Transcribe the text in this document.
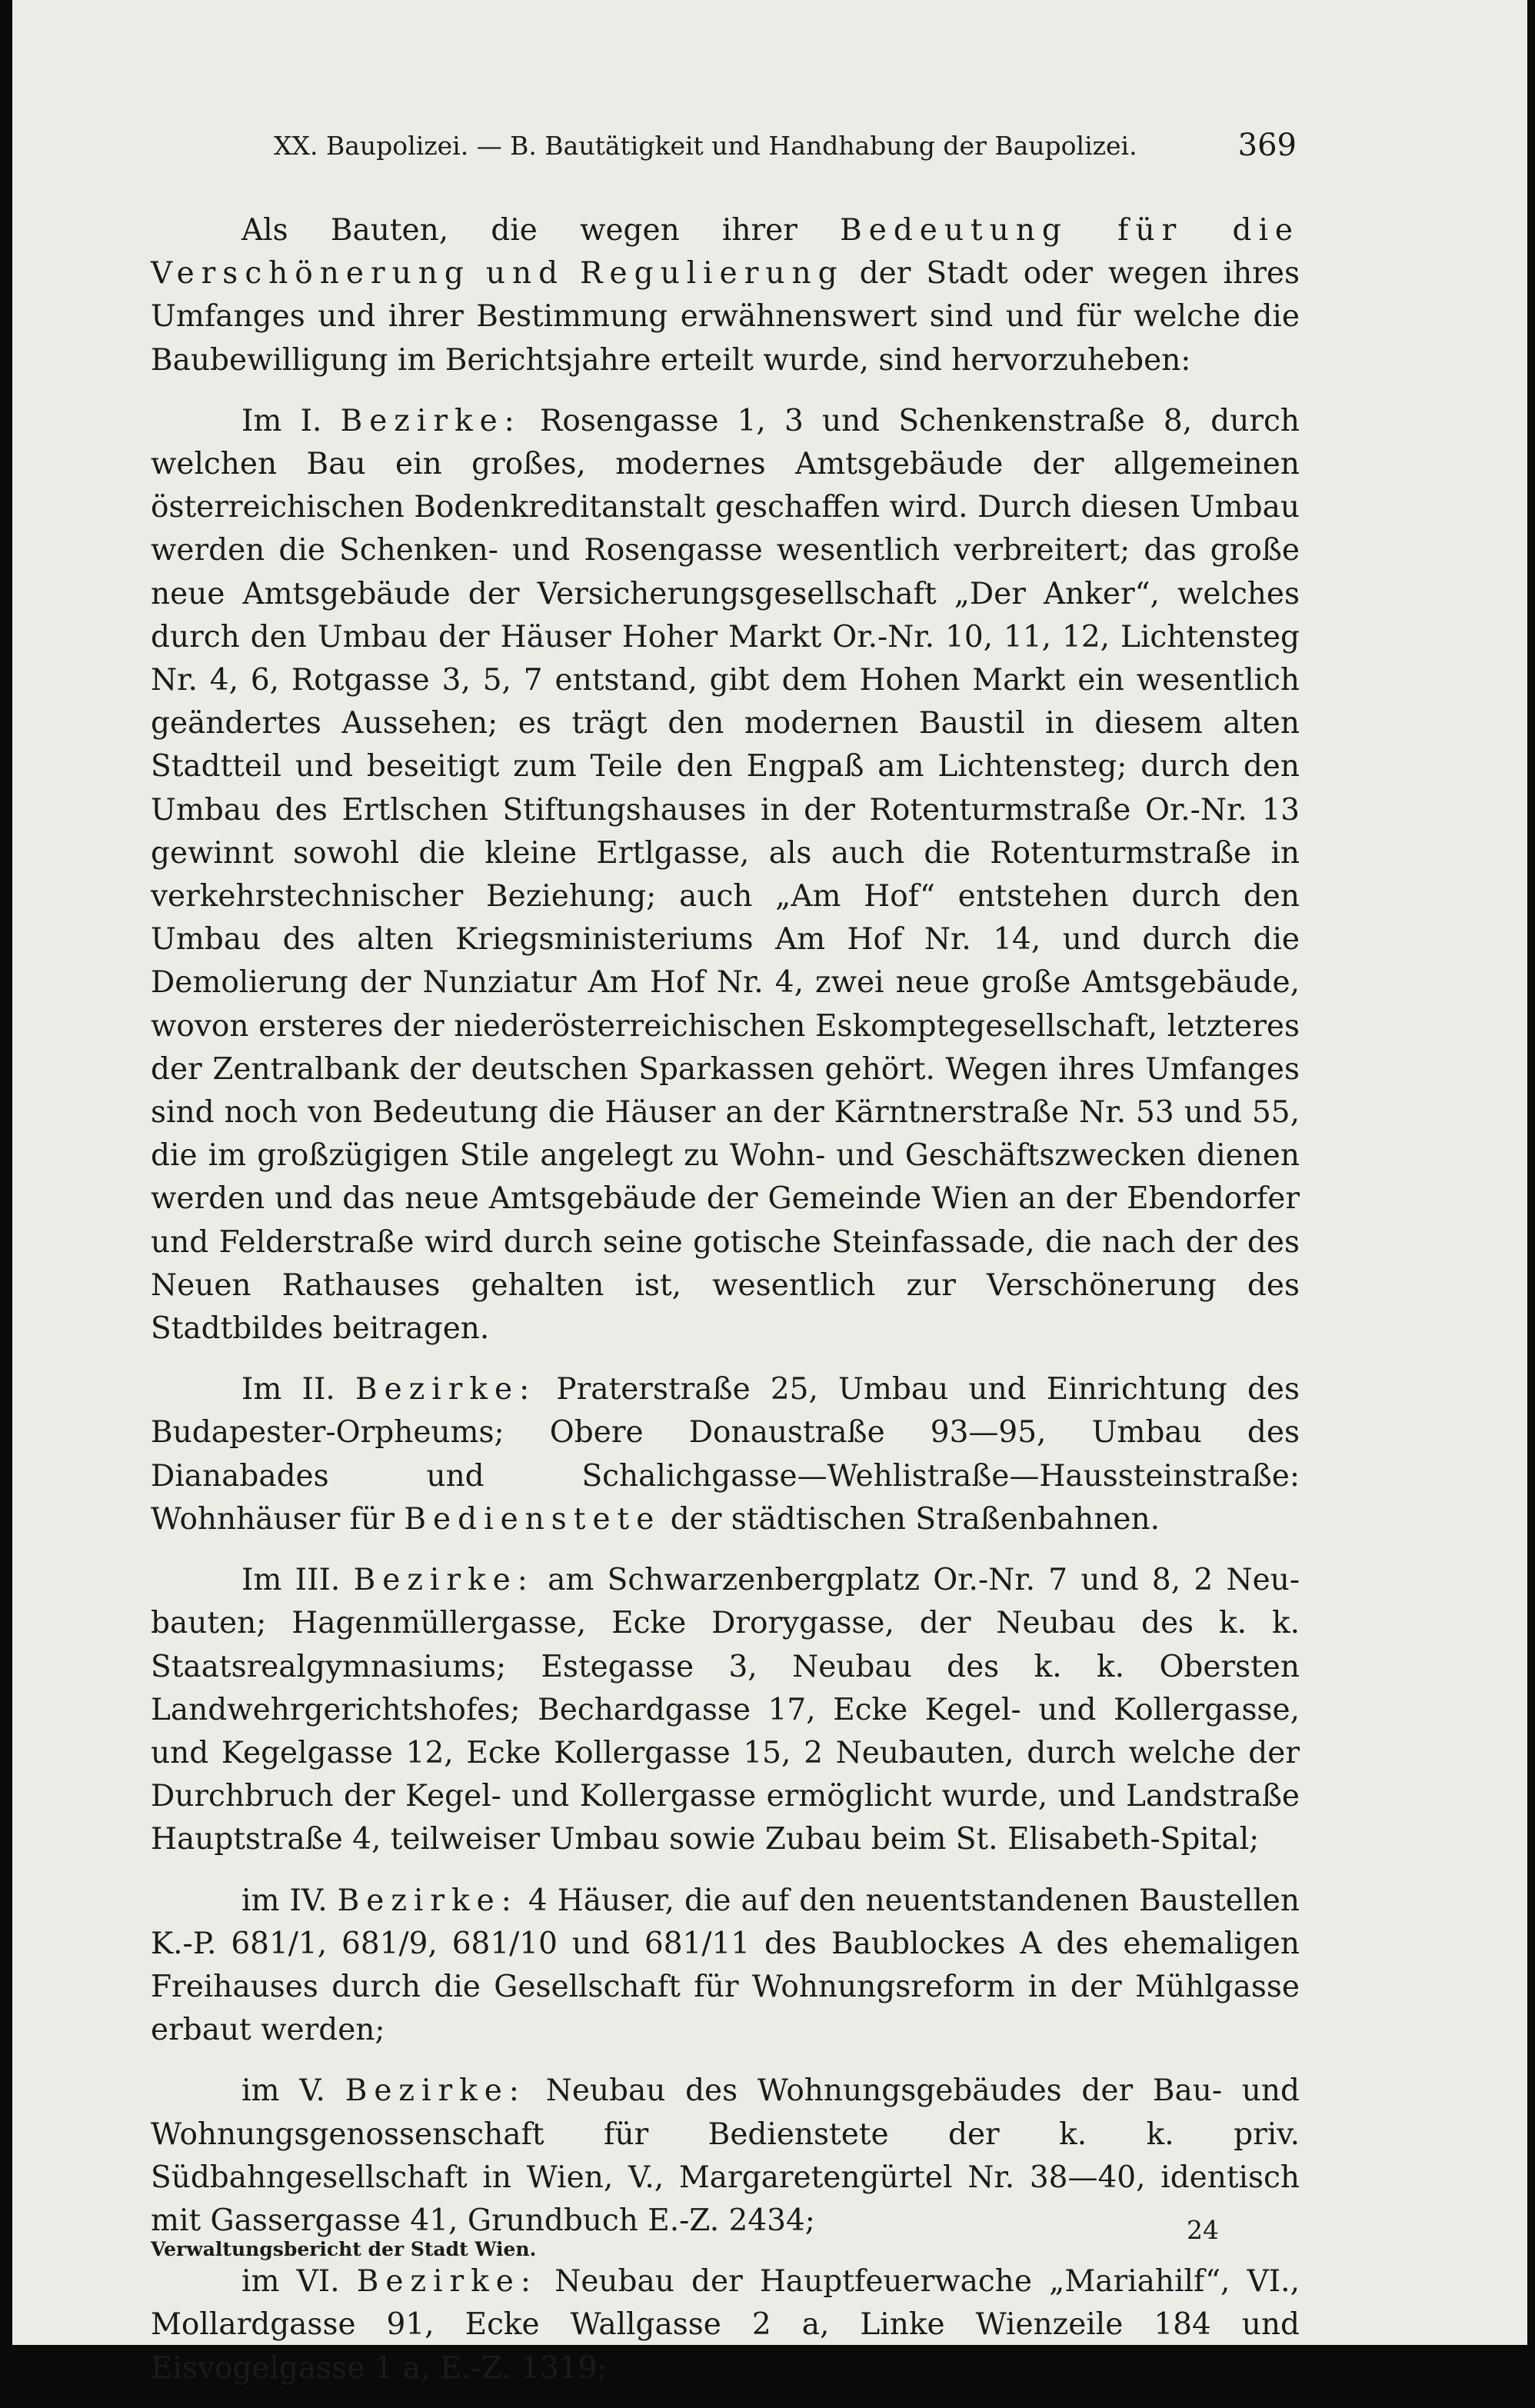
XX. Baupolizei. — B. Bautätigkeit und Handhabung der Baupolizei.	369

Als Bauten, die wegen ihrer Bedeutung für die Verschönerung und Regulierung der Stadt oder wegen ihres Umfanges und ihrer Bestimmung erwähnenswert sind und für welche die Baubewilligung im Berichtsjahre erteilt wurde, sind hervorzuheben:

Im I. Bezirke: Rosengasse 1, 3 und Schenkenstraße 8, durch welchen Bau ein großes, modernes Amtsgebäude der allgemeinen österreichischen Bodenkreditanstalt geschaffen wird. Durch diesen Umbau werden die Schenken- und Rosengasse wesentlich verbreitert; das große neue Amtsgebäude der Versicherungsgesellschaft „Der Anker“, welches durch den Umbau der Häuser Hoher Markt Or.-Nr. 10, 11, 12, Lichtensteg Nr. 4, 6, Rotgasse 3, 5, 7 entstand, gibt dem Hohen Markt ein wesentlich geändertes Aussehen; es trägt den modernen Baustil in diesem alten Stadtteil und beseitigt zum Teile den Engpaß am Lichtensteg; durch den Umbau des Ertlschen Stiftungshauses in der Rotenturmstraße Or.-Nr. 13 gewinnt sowohl die kleine Ertlgasse, als auch die Rotenturmstraße in verkehrstechnischer Beziehung; auch „Am Hof“ entstehen durch den Umbau des alten Kriegsministeriums Am Hof Nr. 14, und durch die Demolierung der Nunziatur Am Hof Nr. 4, zwei neue große Amtsgebäude, wovon ersteres der niederösterreichischen Eskomptegesellschaft, letzteres der Zentralbank der deutschen Sparkassen gehört. Wegen ihres Umfanges sind noch von Bedeutung die Häuser an der Kärntnerstraße Nr. 53 und 55, die im großzügigen Stile angelegt zu Wohn- und Geschäftszwecken dienen werden und das neue Amtsgebäude der Gemeinde Wien an der Ebendorfer und Felderstraße wird durch seine gotische Steinfassade, die nach der des Neuen Rathauses gehalten ist, wesentlich zur Verschönerung des Stadtbildes beitragen.

Im II. Bezirke: Praterstraße 25, Umbau und Einrichtung des Budapester-Orpheums; Obere Donaustraße 93—95, Umbau des Dianabades und Schalichgasse—Wehlistraße—Haussteinstraße: Wohnhäuser für Bedienstete der städtischen Straßenbahnen.

Im III. Bezirke: am Schwarzenbergplatz Or.-Nr. 7 und 8, 2 Neubauten; Hagenmüllergasse, Ecke Drorygasse, der Neubau des k. k. Staatsrealgymnasiums; Estegasse 3, Neubau des k. k. Obersten Landwehrgerichtshofes; Bechardgasse 17, Ecke Kegel- und Kollergasse, und Kegelgasse 12, Ecke Kollergasse 15, 2 Neubauten, durch welche der Durchbruch der Kegel- und Kollergasse ermöglicht wurde, und Landstraße Hauptstraße 4, teilweiser Umbau sowie Zubau beim St. Elisabeth-Spital;

im IV. Bezirke: 4 Häuser, die auf den neuentstandenen Baustellen K.-P. 681/1, 681/9, 681/10 und 681/11 des Baublockes A des ehemaligen Freihauses durch die Gesellschaft für Wohnungsreform in der Mühlgasse erbaut werden;

im V. Bezirke: Neubau des Wohnungsgebäudes der Bau- und Wohnungsgenossenschaft für Bedienstete der k. k. priv. Südbahngesellschaft in Wien, V., Margaretengürtel Nr. 38—40, identisch mit Gassergasse 41, Grundbuch E.-Z. 2434;

im VI. Bezirke: Neubau der Hauptfeuerwache „Mariahilf“, VI., Mollardgasse 91, Ecke Wallgasse 2 a, Linke Wienzeile 184 und Eisvogelgasse 1 a, E.-Z. 1319;

Verwaltungsbericht der Stadt Wien.
24
